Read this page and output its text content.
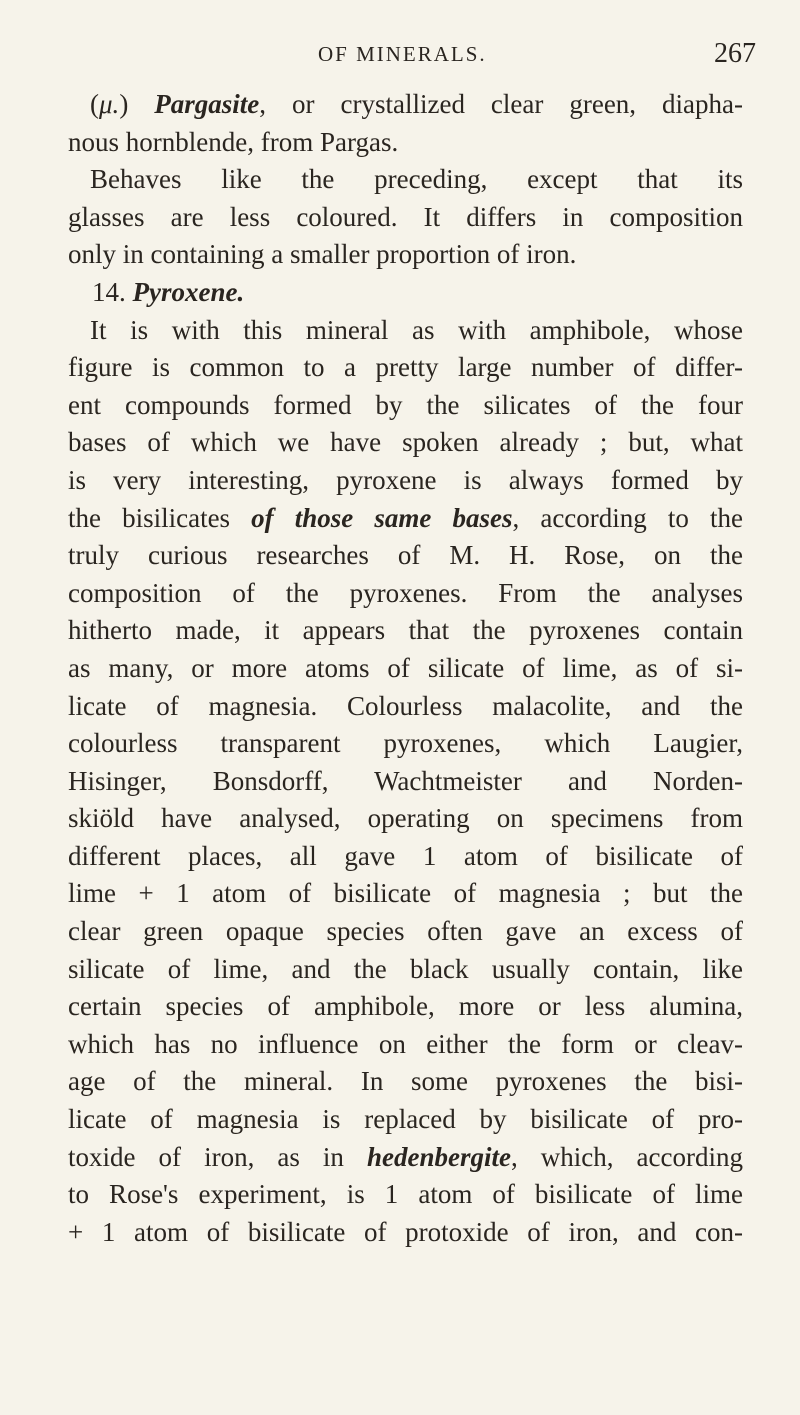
OF MINERALS.	267
(μ.) Pargasite, or crystallized clear green, diapha-
nous hornblende, from Pargas.
Behaves like the preceding, except that its
glasses are less coloured. It differs in composition
only in containing a smaller proportion of iron.
14. Pyroxene.
It is with this mineral as with amphibole, whose
figure is common to a pretty large number of differ-
ent compounds formed by the silicates of the four
bases of which we have spoken already ; but, what
is very interesting, pyroxene is always formed by
the bisilicates of those same bases, according to the
truly curious researches of M. H. Rose, on the
composition of the pyroxenes. From the analyses
hitherto made, it appears that the pyroxenes contain
as many, or more atoms of silicate of lime, as of si-
licate of magnesia. Colourless malacolite, and the
colourless transparent pyroxenes, which Laugier,
Hisinger, Bonsdorff, Wachtmeister and Norden-
skiöld have analysed, operating on specimens from
different places, all gave 1 atom of bisilicate of
lime + 1 atom of bisilicate of magnesia ; but the
clear green opaque species often gave an excess of
silicate of lime, and the black usually contain, like
certain species of amphibole, more or less alumina,
which has no influence on either the form or cleav-
age of the mineral. In some pyroxenes the bisi-
licate of magnesia is replaced by bisilicate of pro-
toxide of iron, as in hedenbergite, which, according
to Rose's experiment, is 1 atom of bisilicate of lime
+ 1 atom of bisilicate of protoxide of iron, and con-
